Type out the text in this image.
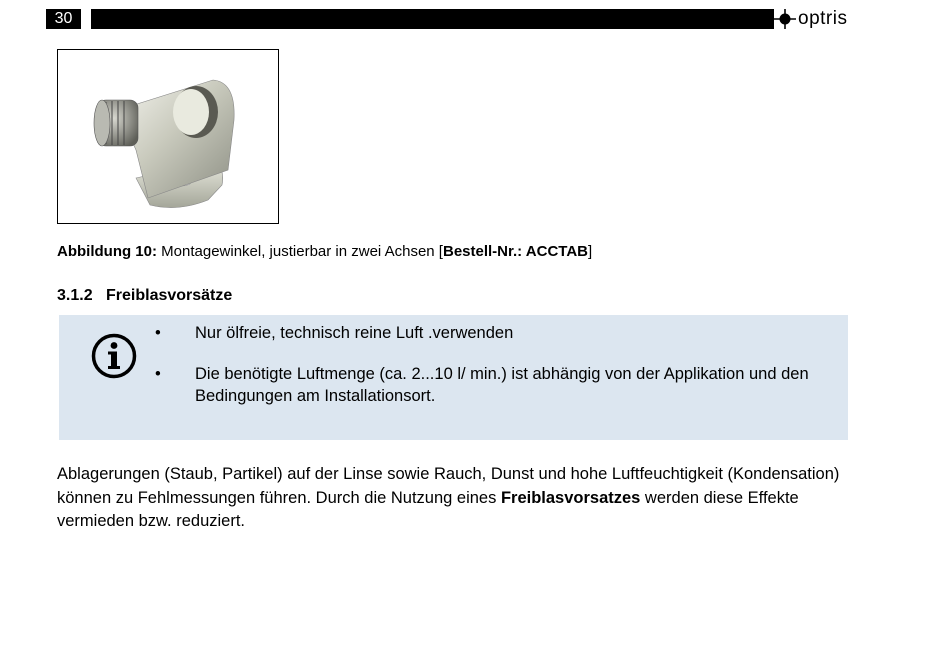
30	optris
Abbildung 10: Montagewinkel, justierbar in zwei Achsen [Bestell-Nr.: ACCTAB]
3.1.2 Freiblasvorsätze
• Nur ölfreie, technisch reine Luft .verwenden
• Die benötigte Luftmenge (ca. 2...10 l/ min.) ist abhängig von der Applikation und den Bedingungen am Installationsort.

Ablagerungen (Staub, Partikel) auf der Linse sowie Rauch, Dunst und hohe Luftfeuchtigkeit (Kondensation) können zu Fehlmessungen führen. Durch die Nutzung eines Freiblasvorsatzes werden diese Effekte vermieden bzw. reduziert.
